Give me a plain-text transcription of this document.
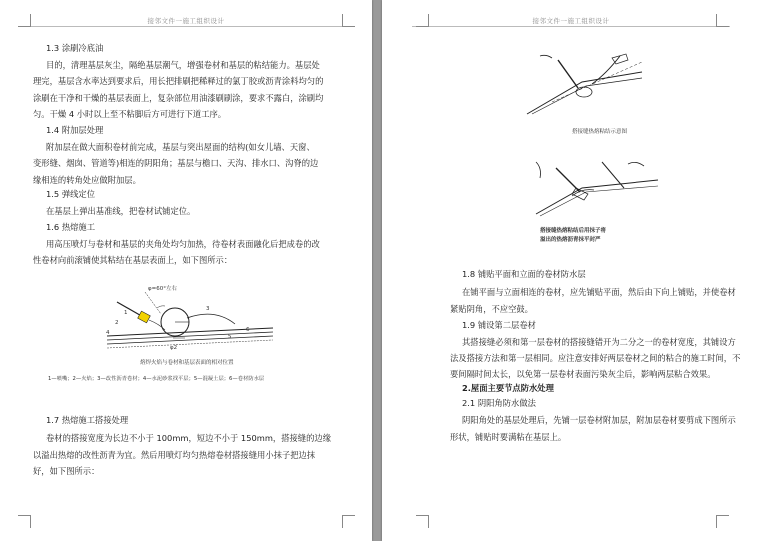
接邻文件一施工组织设计
1.3 涂刷冷底油
目的，清理基层灰尘，隔绝基层潮气，增强卷材和基层的粘结能力。基层处
理完，基层含水率达到要求后，用长把排刷把稀释过的氯丁胶或沥青涂料均匀的
涂刷在干净和干燥的基层表面上，复杂部位用油漆刷刷涂，要求不露白，涂刷均
匀。干燥 4 小时以上至不粘脚后方可进行下道工序。
1.4 附加层处理
附加层在做大面积卷材前完成，基层与突出屋面的结构(如女儿墙、天窗、
变形缝、烟囱、管道等)相连的阴阳角；基层与檐口、天沟、排水口、沟脊的边
缘相连的转角处应做附加层。
1.5 弹线定位
在基层上弹出基准线，把卷材试铺定位。
1.6 热熔施工
用高压喷灯与卷材和基层的夹角处均匀加热，待卷材表面融化后把成卷的改
性卷材向前滚铺使其粘结在基层表面上，如下图所示：
φ=60°左右
1
2
3
4
5
6
φ2
熔焊火焰与卷材和基层表面的相对位置
1—喷嘴；2—火焰；3—改性沥青卷材；4—水泥砂浆找平层；5—混凝土层；6—卷材防水层
1.7 热熔施工搭接处理
卷材的搭接宽度为长边不小于 100mm，短边不小于 150mm，搭接缝的边缘
以溢出热熔的改性沥青为宜。然后用喷灯均匀热熔卷材搭接缝用小抹子把边抹
好，如下图所示：
接邻文件一施工组织设计
搭接缝热熔粘结示意图
搭接缝热熔粘结后用抹子将
溢出的热熔沥青抹平封严
1.8 铺贴平面和立面的卷材防水层
在铺平面与立面相连的卷材，应先铺贴平面，然后由下向上铺贴，并使卷材
紧贴阴角，不应空鼓。
1.9 铺设第二层卷材
其搭接缝必须和第一层卷材的搭接缝错开为二分之一的卷材宽度，其铺设方
法及搭接方法和第一层相同。应注意安排好两层卷材之间的粘合的施工时间，不
要间隔时间太长，以免第一层卷材表面污染灰尘后，影响两层粘合效果。
2.屋面主要节点防水处理
2.1 阴阳角防水做法
阴阳角处的基层处理后，先铺一层卷材附加层，附加层卷材要剪成下图所示
形状，铺贴时要满粘在基层上。
